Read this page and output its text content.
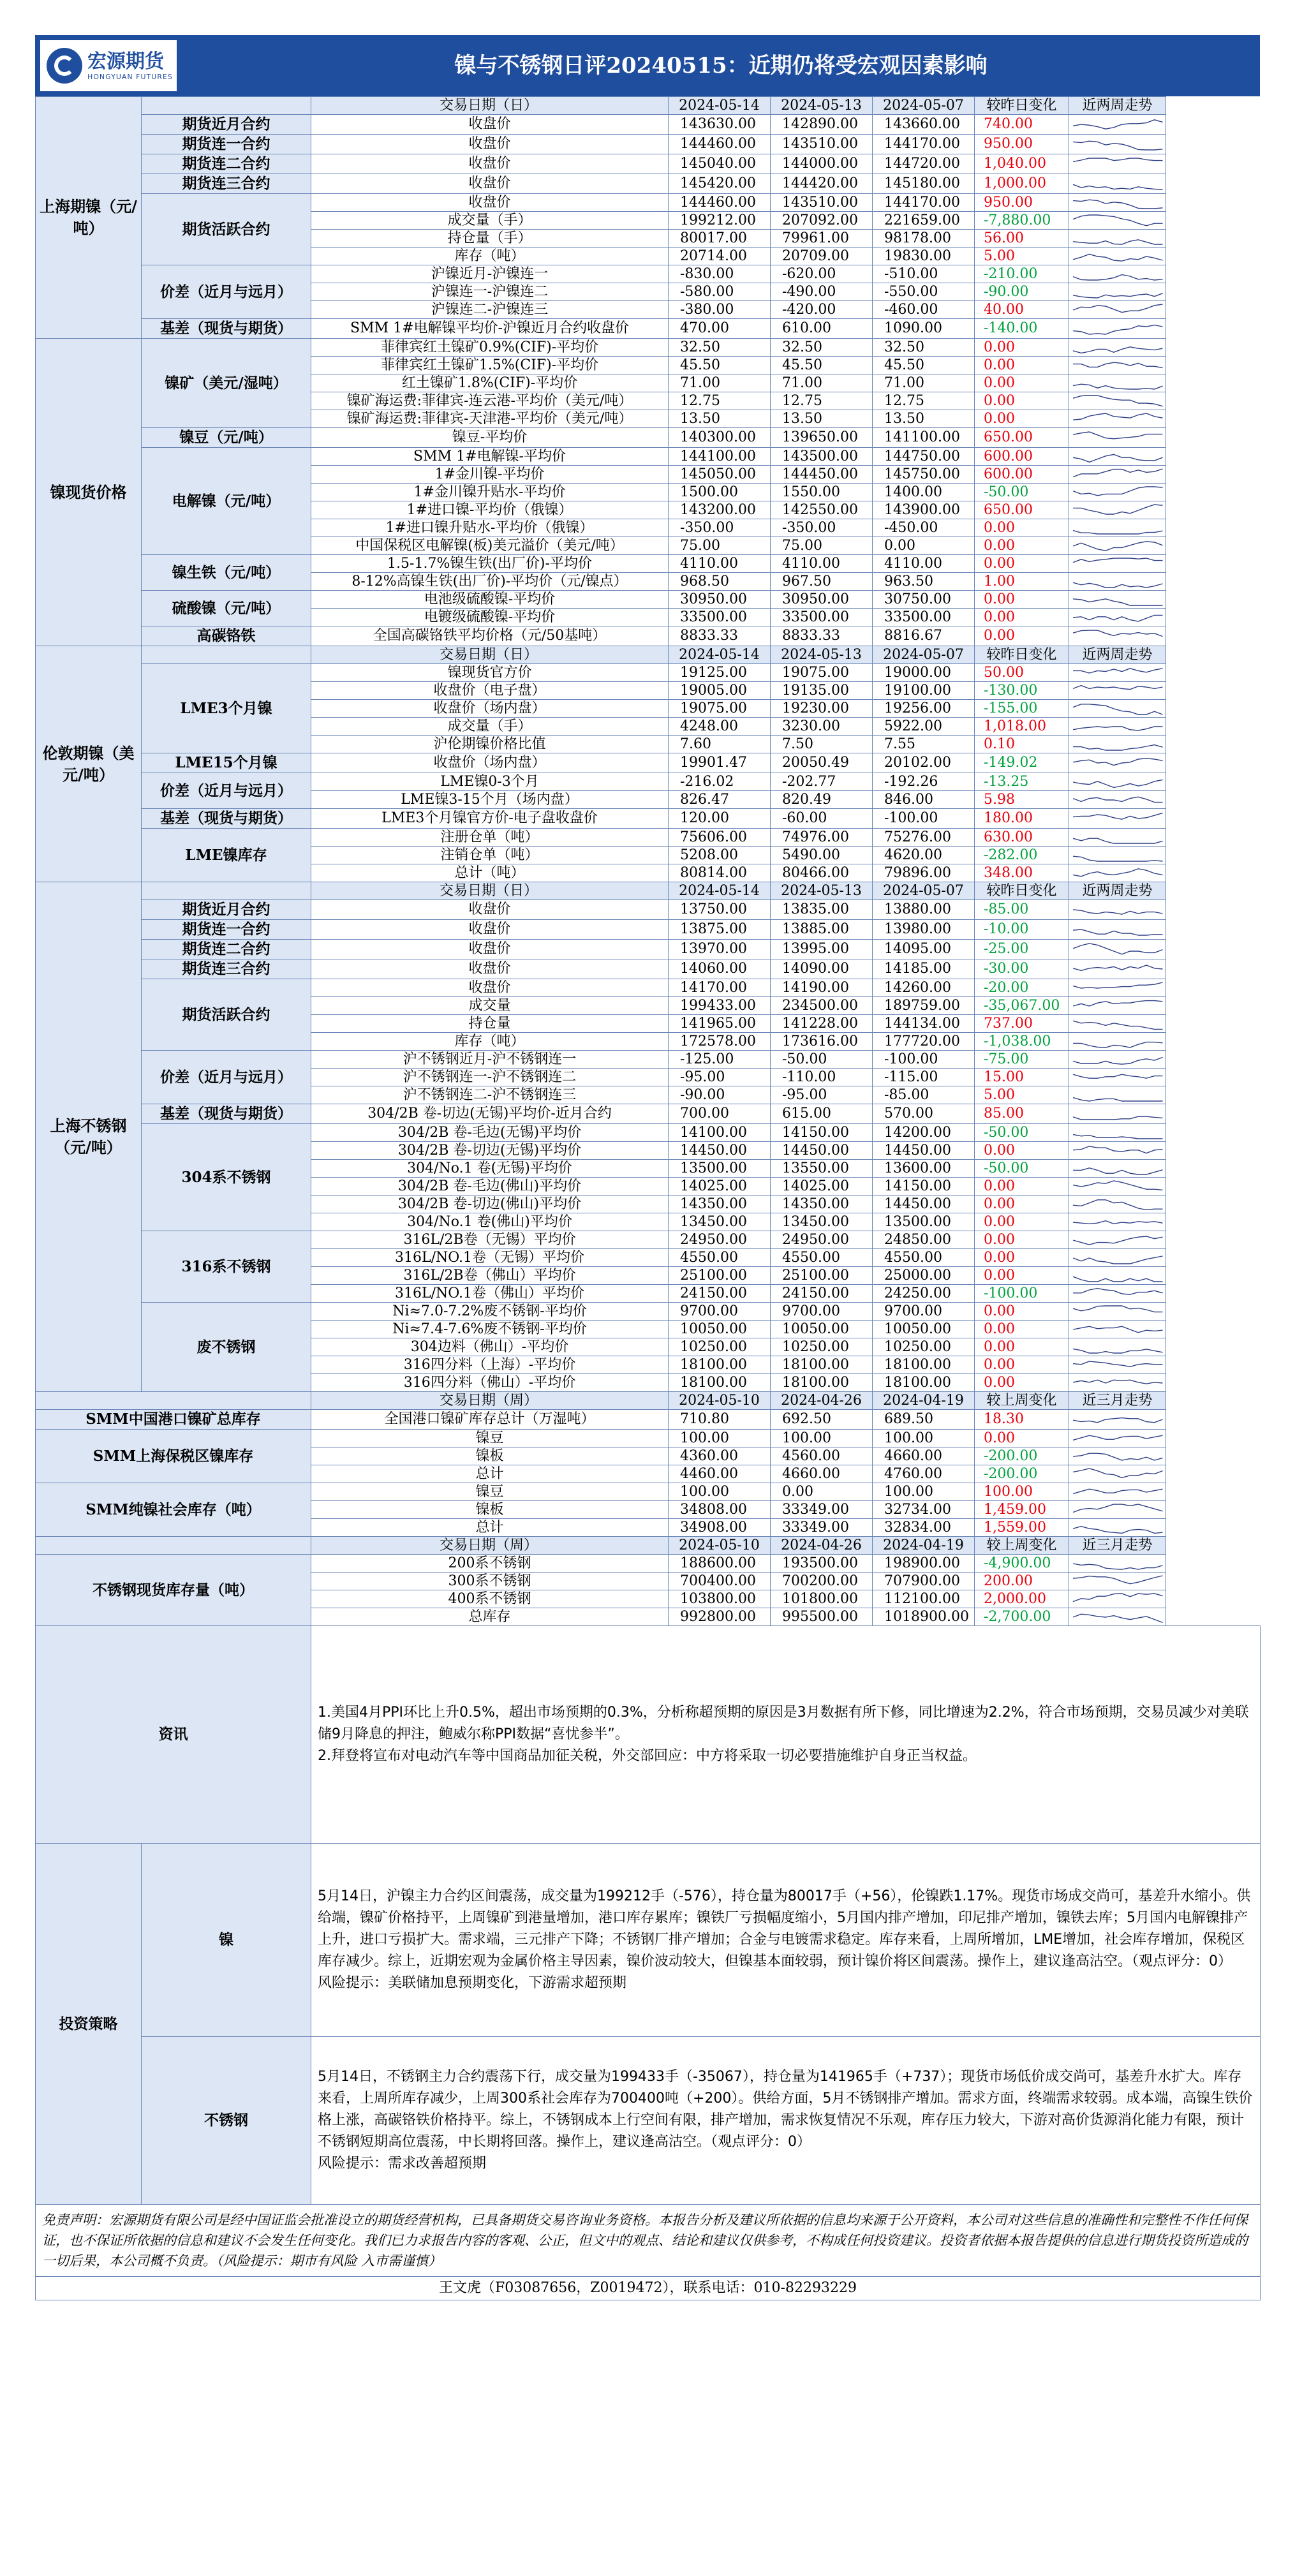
宏源期货
HONGYUAN FUTURES	镍与不锈钢日评20240515：近期仍将受宏观因素影响
上海期镍（元/吨）		交易日期（日）	2024-05-14	2024-05-13	2024-05-07	较昨日变化	近两周走势
	期货近月合约	收盘价	143630.00	142890.00	143660.00	740.00	

	期货连一合约	收盘价	144460.00	143510.00	144170.00	950.00	

	期货连二合约	收盘价	145040.00	144000.00	144720.00	1,040.00	

	期货连三合约	收盘价	145420.00	144420.00	145180.00	1,000.00	

	期货活跃合约	收盘价	144460.00	143510.00	144170.00	950.00	

		成交量（手）	199212.00	207092.00	221659.00	-7,880.00	

		持仓量（手）	80017.00	79961.00	98178.00	56.00	

		库存（吨）	20714.00	20709.00	19830.00	5.00	

	价差（近月与远月）	沪镍近月-沪镍连一	-830.00	-620.00	-510.00	-210.00	

		沪镍连一-沪镍连二	-580.00	-490.00	-550.00	-90.00	

		沪镍连二-沪镍连三	-380.00	-420.00	-460.00	40.00	

	基差（现货与期货）	SMM 1#电解镍平均价-沪镍近月合约收盘价	470.00	610.00	1090.00	-140.00	

镍现货价格	镍矿（美元/湿吨）	菲律宾红土镍矿0.9%(CIF)-平均价	32.50	32.50	32.50	0.00	

		菲律宾红土镍矿1.5%(CIF)-平均价	45.50	45.50	45.50	0.00	

		红土镍矿1.8%(CIF)-平均价	71.00	71.00	71.00	0.00	

		镍矿海运费:菲律宾-连云港-平均价（美元/吨）	12.75	12.75	12.75	0.00	

		镍矿海运费:菲律宾-天津港-平均价（美元/吨）	13.50	13.50	13.50	0.00	

	镍豆（元/吨）	镍豆-平均价	140300.00	139650.00	141100.00	650.00	

	电解镍（元/吨）	SMM 1#电解镍-平均价	144100.00	143500.00	144750.00	600.00	

		1#金川镍-平均价	145050.00	144450.00	145750.00	600.00	

		1#金川镍升贴水-平均价	1500.00	1550.00	1400.00	-50.00	

		1#进口镍-平均价（俄镍）	143200.00	142550.00	143900.00	650.00	

		1#进口镍升贴水-平均价（俄镍）	-350.00	-350.00	-450.00	0.00	

		中国保税区电解镍(板)美元溢价（美元/吨）	75.00	75.00	0.00	0.00	

	镍生铁（元/吨）	1.5-1.7%镍生铁(出厂价)-平均价	4110.00	4110.00	4110.00	0.00	

		8-12%高镍生铁(出厂价)-平均价（元/镍点）	968.50	967.50	963.50	1.00	

	硫酸镍（元/吨）	电池级硫酸镍-平均价	30950.00	30950.00	30750.00	0.00	

		电镀级硫酸镍-平均价	33500.00	33500.00	33500.00	0.00	

	高碳铬铁	全国高碳铬铁平均价格（元/50基吨）	8833.33	8833.33	8816.67	0.00	

伦敦期镍（美元/吨）		交易日期（日）	2024-05-14	2024-05-13	2024-05-07	较昨日变化	近两周走势
	LME3个月镍	镍现货官方价	19125.00	19075.00	19000.00	50.00	

		收盘价（电子盘）	19005.00	19135.00	19100.00	-130.00	

		收盘价（场内盘）	19075.00	19230.00	19256.00	-155.00	

		成交量（手）	4248.00	3230.00	5922.00	1,018.00	

		沪伦期镍价格比值	7.60	7.50	7.55	0.10	

	LME15个月镍	收盘价（场内盘）	19901.47	20050.49	20102.00	-149.02	

	价差（近月与远月）	LME镍0-3个月	-216.02	-202.77	-192.26	-13.25	

		LME镍3-15个月（场内盘）	826.47	820.49	846.00	5.98	

	基差（现货与期货）	LME3个月镍官方价-电子盘收盘价	120.00	-60.00	-100.00	180.00	

	LME镍库存	注册仓单（吨）	75606.00	74976.00	75276.00	630.00	

		注销仓单（吨）	5208.00	5490.00	4620.00	-282.00	

		总计（吨）	80814.00	80466.00	79896.00	348.00	

上海不锈钢（元/吨）		交易日期（日）	2024-05-14	2024-05-13	2024-05-07	较昨日变化	近两周走势
	期货近月合约	收盘价	13750.00	13835.00	13880.00	-85.00	

	期货连一合约	收盘价	13875.00	13885.00	13980.00	-10.00	

	期货连二合约	收盘价	13970.00	13995.00	14095.00	-25.00	

	期货连三合约	收盘价	14060.00	14090.00	14185.00	-30.00	

	期货活跃合约	收盘价	14170.00	14190.00	14260.00	-20.00	

		成交量	199433.00	234500.00	189759.00	-35,067.00	

		持仓量	141965.00	141228.00	144134.00	737.00	

		库存（吨）	172578.00	173616.00	177720.00	-1,038.00	

	价差（近月与远月）	沪不锈钢近月-沪不锈钢连一	-125.00	-50.00	-100.00	-75.00	

		沪不锈钢连一-沪不锈钢连二	-95.00	-110.00	-115.00	15.00	

		沪不锈钢连二-沪不锈钢连三	-90.00	-95.00	-85.00	5.00	

	基差（现货与期货）	304/2B 卷-切边(无锡)平均价-近月合约	700.00	615.00	570.00	85.00	

	304系不锈钢	304/2B 卷-毛边(无锡)平均价	14100.00	14150.00	14200.00	-50.00	

		304/2B 卷-切边(无锡)平均价	14450.00	14450.00	14450.00	0.00	

		304/No.1 卷(无锡)平均价	13500.00	13550.00	13600.00	-50.00	

		304/2B 卷-毛边(佛山)平均价	14025.00	14025.00	14150.00	0.00	

		304/2B 卷-切边(佛山)平均价	14350.00	14350.00	14450.00	0.00	

		304/No.1 卷(佛山)平均价	13450.00	13450.00	13500.00	0.00	

	316系不锈钢	316L/2B卷（无锡）平均价	24950.00	24950.00	24850.00	0.00	

		316L/NO.1卷（无锡）平均价	4550.00	4550.00	4550.00	0.00	

		316L/2B卷（佛山）平均价	25100.00	25100.00	25000.00	0.00	

		316L/NO.1卷（佛山）平均价	24150.00	24150.00	24250.00	-100.00	

	废不锈钢	Ni≈7.0-7.2%废不锈钢-平均价	9700.00	9700.00	9700.00	0.00	

		Ni≈7.4-7.6%废不锈钢-平均价	10050.00	10050.00	10050.00	0.00	

		304边料（佛山）-平均价	10250.00	10250.00	10250.00	0.00	

		316四分料（上海）-平均价	18100.00	18100.00	18100.00	0.00	

		316四分料（佛山）-平均价	18100.00	18100.00	18100.00	0.00	

		交易日期（周）	2024-05-10	2024-04-26	2024-04-19	较上周变化	近三月走势
SMM中国港口镍矿总库存		全国港口镍矿库存总计（万湿吨）	710.80	692.50	689.50	18.30	

SMM上海保税区镍库存		镍豆	100.00	100.00	100.00	0.00	

		镍板	4360.00	4560.00	4660.00	-200.00	

		总计	4460.00	4660.00	4760.00	-200.00	

SMM纯镍社会库存（吨）		镍豆	100.00	0.00	100.00	100.00	

		镍板	34808.00	33349.00	32734.00	1,459.00	

		总计	34908.00	33349.00	32834.00	1,559.00	

		交易日期（周）	2024-05-10	2024-04-26	2024-04-19	较上周变化	近三月走势
不锈钢现货库存量（吨）		200系不锈钢	188600.00	193500.00	198900.00	-4,900.00	

		300系不锈钢	700400.00	700200.00	707900.00	200.00	

		400系不锈钢	103800.00	101800.00	112100.00	2,000.00	

		总库存	992800.00	995500.00	1018900.00	-2,700.00	

资讯		1.美国4月PPI环比上升0.5%，超出市场预期的0.3%，分析称超预期的原因是3月数据有所下修，同比增速为2.2%，符合市场预期，交易员减少对美联储9月降息的押注，鲍威尔称PPI数据“喜忧参半”。
2.拜登将宣布对电动汽车等中国商品加征关税，外交部回应：中方将采取一切必要措施维护自身正当权益。					

投资策略	镍	5月14日，沪镍主力合约区间震荡，成交量为199212手（-576），持仓量为80017手（+56），伦镍跌1.17%。现货市场成交尚可，基差升水缩小。供给端，镍矿价格持平，上周镍矿到港量增加，港口库存累库；镍铁厂亏损幅度缩小，5月国内排产增加，印尼排产增加，镍铁去库；5月国内电解镍排产上升，进口亏损扩大。需求端，三元排产下降；不锈钢厂排产增加；合金与电镀需求稳定。库存来看，上周所增加，LME增加，社会库存增加，保税区库存减少。综上，近期宏观为金属价格主导因素，镍价波动较大，但镍基本面较弱，预计镍价将区间震荡。操作上，建议逢高沽空。（观点评分：0）
风险提示：美联储加息预期变化，下游需求超预期					

	不锈钢	5月14日，不锈钢主力合约震荡下行，成交量为199433手（-35067），持仓量为141965手（+737）；现货市场低价成交尚可，基差升水扩大。库存来看，上周所库存减少，上周300系社会库存为700400吨（+200）。供给方面，5月不锈钢排产增加。需求方面，终端需求较弱。成本端，高镍生铁价格上涨，高碳铬铁价格持平。综上，不锈钢成本上行空间有限，排产增加，需求恢复情况不乐观，库存压力较大，下游对高价货源消化能力有限，预计不锈钢短期高位震荡，中长期将回落。操作上，建议逢高沽空。（观点评分：0）
风险提示：需求改善超预期					

免责声明：宏源期货有限公司是经中国证监会批准设立的期货经营机构，已具备期货交易咨询业务资格。本报告分析及建议所依据的信息均来源于公开资料，本公司对这些信息的准确性和完整性不作任何保证，也不保证所依据的信息和建议不会发生任何变化。我们已力求报告内容的客观、公正，但文中的观点、结论和建议仅供参考，不构成任何投资建议。投资者依据本报告提供的信息进行期货投资所造成的一切后果，本公司概不负责。（风险提示：期市有风险 入市需谨慎）							
王文虎（F03087656，Z0019472），联系电话：010-82293229							
